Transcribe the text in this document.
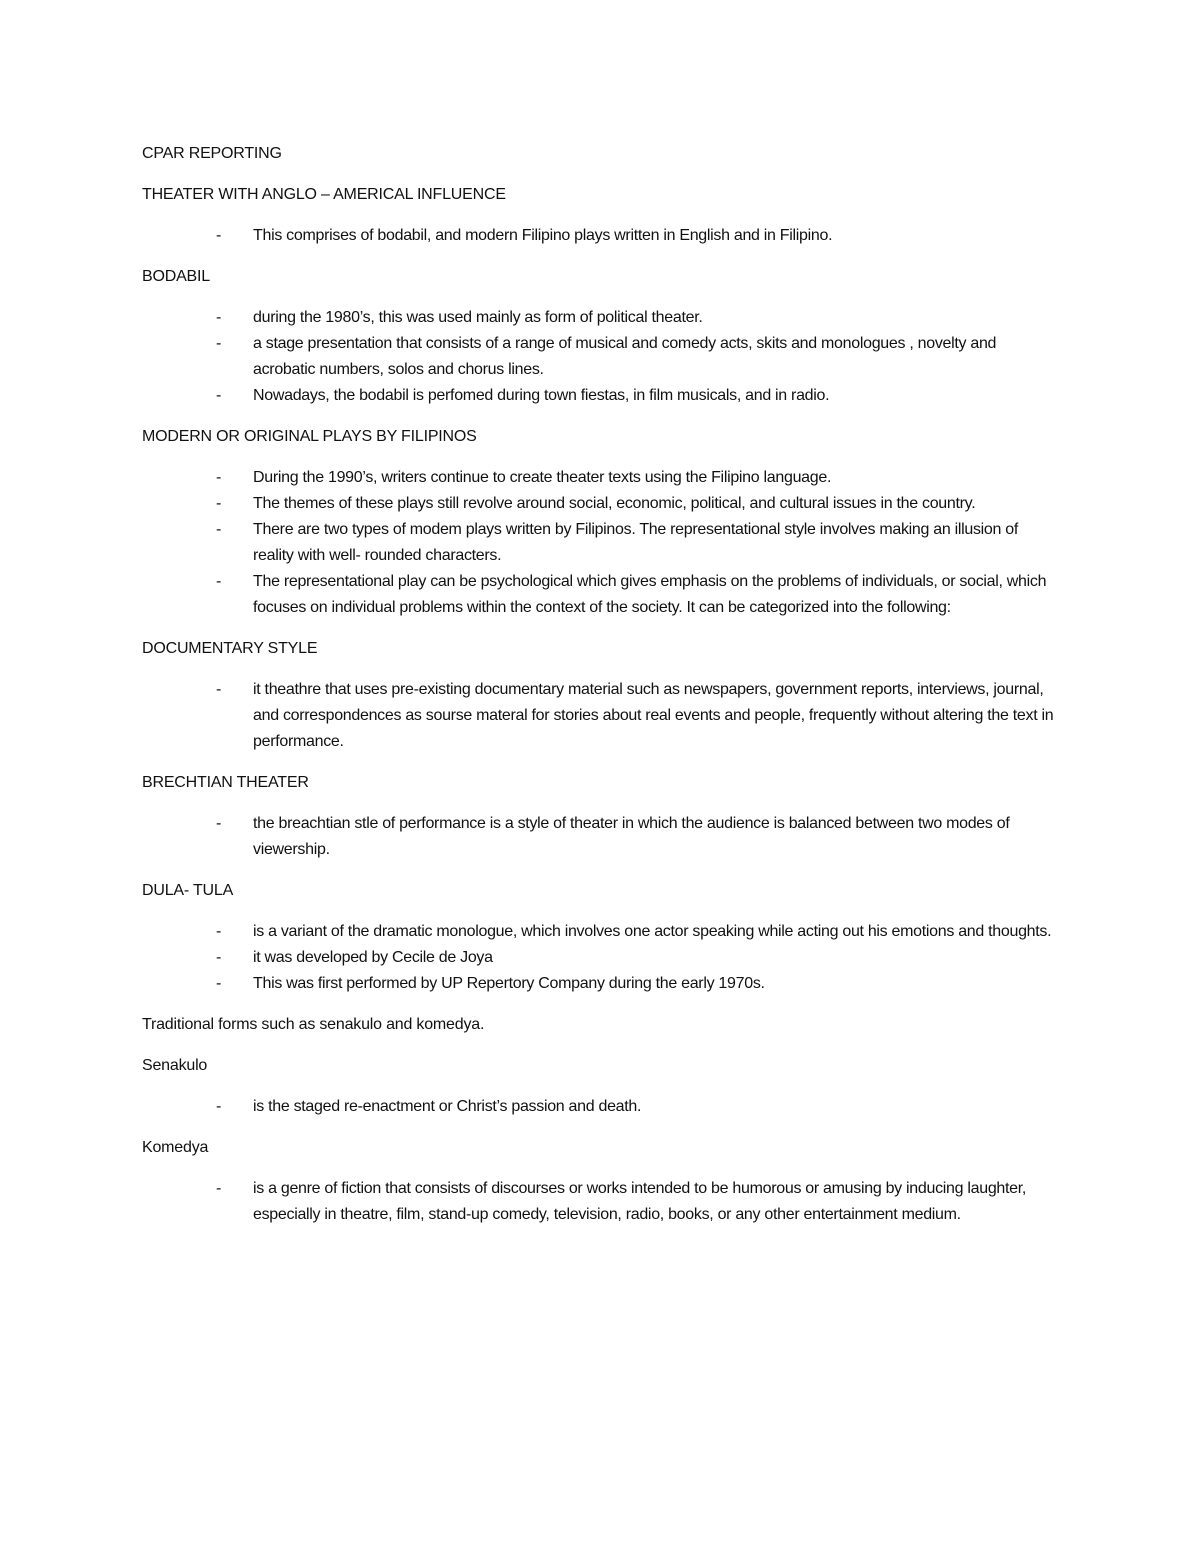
CPAR REPORTING
THEATER WITH ANGLO – AMERICAL INFLUENCE
- This comprises of bodabil, and modern Filipino plays written in English and in Filipino.
BODABIL
- during the 1980’s, this was used mainly as form of political theater.
- a stage presentation that consists of a range of musical and comedy acts, skits and monologues , novelty and acrobatic numbers, solos and chorus lines.
- Nowadays, the bodabil is perfomed during town fiestas, in film musicals, and in radio.
MODERN OR ORIGINAL PLAYS BY FILIPINOS
- During the 1990’s, writers continue to create theater texts using the Filipino language.
- The themes of these plays still revolve around social, economic, political, and cultural issues in the country.
- There are two types of modem plays written by Filipinos. The representational style involves making an illusion of reality with well- rounded characters.
- The representational play can be psychological which gives emphasis on the problems of individuals, or social, which focuses on individual problems within the context of the society. It can be categorized into the following:
DOCUMENTARY STYLE
- it theathre that uses pre-existing documentary material such as newspapers, government reports, interviews, journal, and correspondences as sourse materal for stories about real events and people, frequently without altering the text in performance.
BRECHTIAN THEATER
- the breachtian stle of performance is a style of theater in which the audience is balanced between two modes of viewership.
DULA- TULA
- is a variant of the dramatic monologue, which involves one actor speaking while acting out his emotions and thoughts.
- it was developed by Cecile de Joya
- This was first performed by UP Repertory Company during the early 1970s.
Traditional forms such as senakulo and komedya.
Senakulo
- is the staged re-enactment or Christ’s passion and death.
Komedya
- is a genre of fiction that consists of discourses or works intended to be humorous or amusing by inducing laughter, especially in theatre, film, stand-up comedy, television, radio, books, or any other entertainment medium.
